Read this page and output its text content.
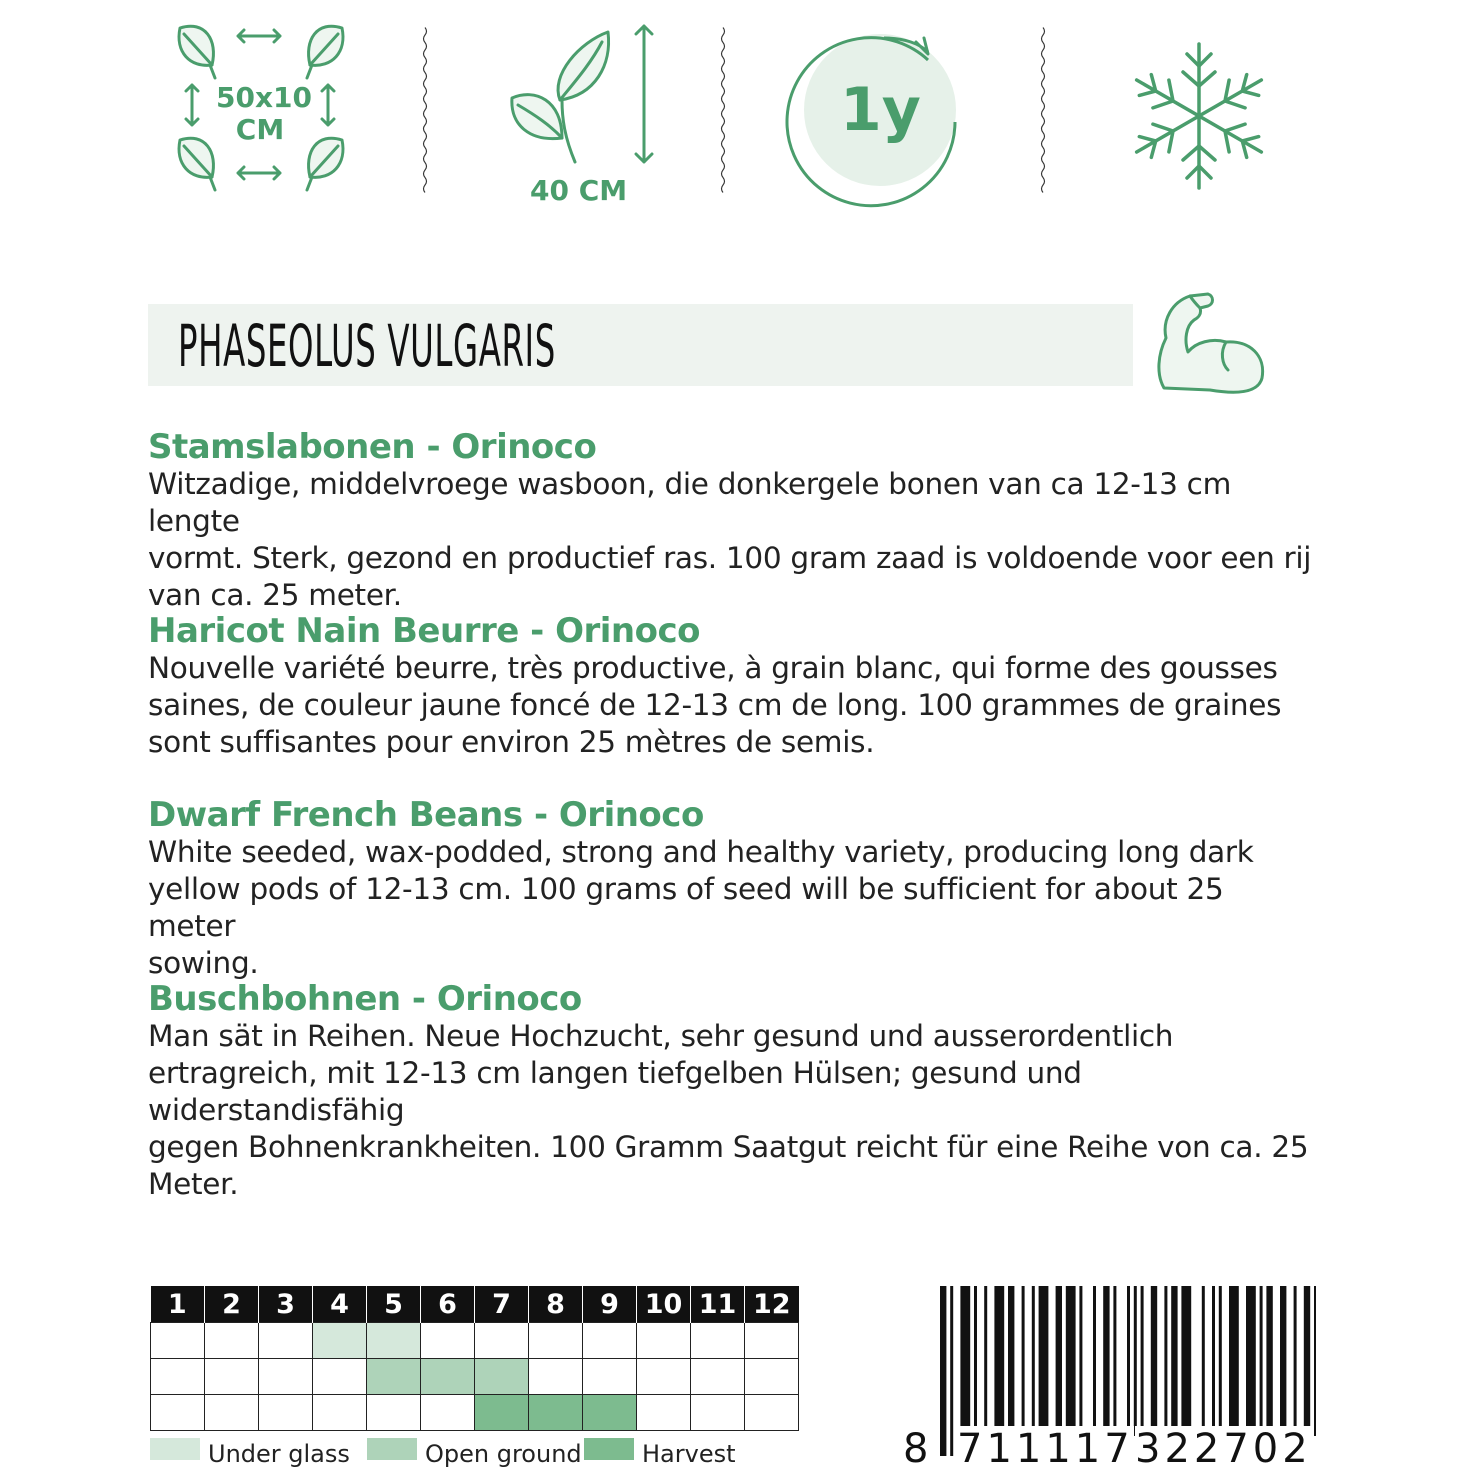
50x10
CM
40 CM
1y
PHASEOLUS VULGARIS
Stamslabonen - Orinoco
Witzadige, middelvroege wasboon, die donkergele bonen van ca 12-13 cm lengte
vormt. Sterk, gezond en productief ras. 100 gram zaad is voldoende voor een rij
van ca. 25 meter.
Haricot Nain Beurre - Orinoco
Nouvelle variété beurre, très productive, à grain blanc, qui forme des gousses
saines, de couleur jaune foncé de 12-13 cm de long. 100 grammes de graines
sont suffisantes pour environ 25 mètres de semis.
Dwarf French Beans - Orinoco
White seeded, wax-podded, strong and healthy variety, producing long dark
yellow pods of 12-13 cm. 100 grams of seed will be sufficient for about 25 meter
sowing.
Buschbohnen - Orinoco
Man sät in Reihen. Neue Hochzucht, sehr gesund und ausserordentlich
ertragreich, mit 12-13 cm langen tiefgelben Hülsen; gesund und widerstandisfähig
gegen Bohnenkrankheiten. 100 Gramm Saatgut reicht für eine Reihe von ca. 25
Meter.
1	2	3	4	5	6	7	8	9	10	11	12

Under glass	Open ground	Harvest	8 711117 322702
